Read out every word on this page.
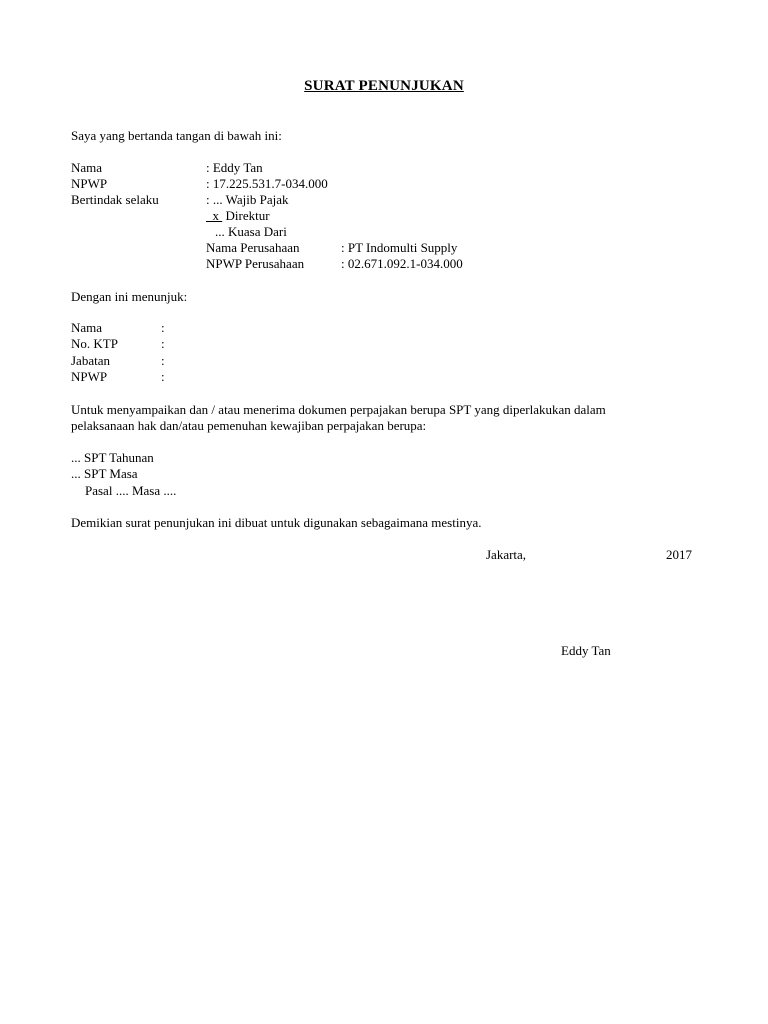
SURAT PENUNJUKAN
Saya yang bertanda tangan di bawah ini:
Nama	: Eddy Tan
NPWP	: 17.225.531.7-034.000
Bertindak selaku	: ... Wajib Pajak
x Direktur
... Kuasa Dari
Nama Perusahaan	: PT Indomulti Supply
NPWP Perusahaan	: 02.671.092.1-034.000
Dengan ini menunjuk:
Nama	:
No. KTP	:
Jabatan	:
NPWP	:
Untuk menyampaikan dan / atau menerima dokumen perpajakan berupa SPT yang diperlakukan dalam
pelaksanaan hak dan/atau pemenuhan kewajiban perpajakan berupa:
... SPT Tahunan
... SPT Masa
Pasal .... Masa ....
Demikian surat penunjukan ini dibuat untuk digunakan sebagaimana mestinya.
Jakarta,	2017
Eddy Tan
